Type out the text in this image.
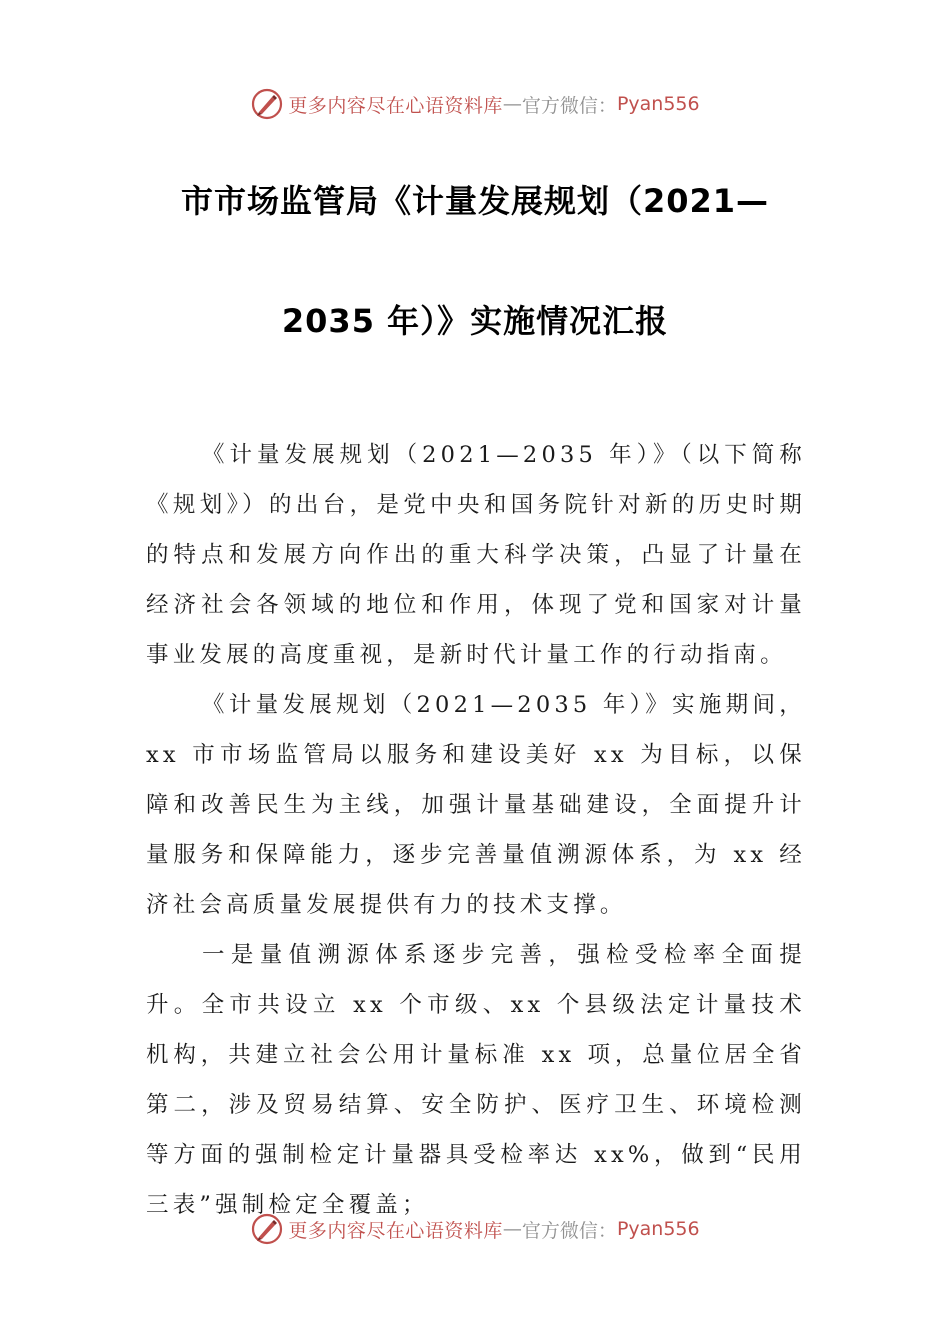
更多内容尽在心语资料库 — 官方微信： Pyan556
市市场监管局《计量发展规划（2021—
2035 年）》实施情况汇报

《计量发展规划（2021—2035 年）》（以下简称《规划》）的出台，是党中央和国务院针对新的历史时期的特点和发展方向作出的重大科学决策，凸显了计量在经济社会各领域的地位和作用，体现了党和国家对计量事业发展的高度重视，是新时代计量工作的行动指南。

《计量发展规划（2021—2035 年）》实施期间，xx 市市场监管局以服务和建设美好 xx 为目标，以保障和改善民生为主线，加强计量基础建设，全面提升计量服务和保障能力，逐步完善量值溯源体系，为 xx 经济社会高质量发展提供有力的技术支撑。

一是量值溯源体系逐步完善，强检受检率全面提升。全市共设立 xx 个市级、xx 个县级法定计量技术机构，共建立社会公用计量标准 xx 项，总量位居全省第二，涉及贸易结算、安全防护、医疗卫生、环境检测等方面的强制检定计量器具受检率达 xx%，做到“民用三表”强制检定全覆盖；

更多内容尽在心语资料库 — 官方微信： Pyan556
